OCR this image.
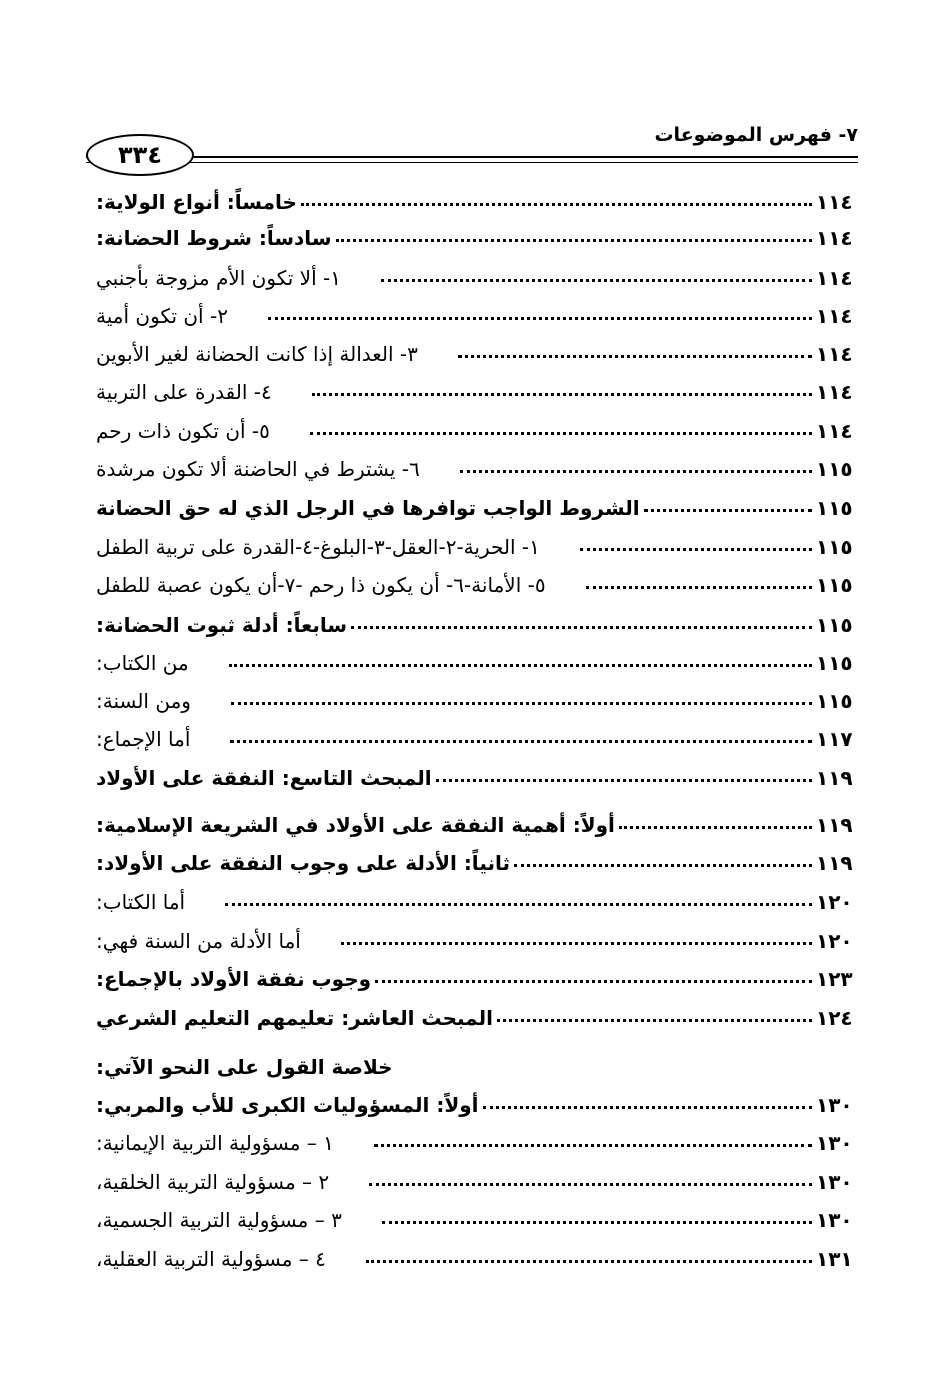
٣٣٤
٧- فهرس الموضوعات
خامساً: أنواع الولاية:	١١٤
سادساً: شروط الحضانة:	١١٤
١- ألا تكون الأم مزوجة بأجنبي	١١٤
٢- أن تكون أمية	١١٤
٣- العدالة إذا كانت الحضانة لغير الأبوين	١١٤
٤- القدرة على التربية	١١٤
٥- أن تكون ذات رحم	١١٤
٦- يشترط في الحاضنة ألا تكون مرشدة	١١٥
الشروط الواجب توافرها في الرجل الذي له حق الحضانة	١١٥
١- الحرية-٢-العقل-٣-البلوغ-٤-القدرة على تربية الطفل	١١٥
٥- الأمانة-٦- أن يكون ذا رحم -٧-أن يكون عصبة للطفل	١١٥
سابعاً: أدلة ثبوت الحضانة:	١١٥
من الكتاب:	١١٥
ومن السنة:	١١٥
أما الإجماع:	١١٧
المبحث التاسع: النفقة على الأولاد	١١٩
أولاً: أهمية النفقة على الأولاد في الشريعة الإسلامية:	١١٩
ثانياً: الأدلة على وجوب النفقة على الأولاد:	١١٩
أما الكتاب:	١٢٠
أما الأدلة من السنة فهي:	١٢٠
وجوب نفقة الأولاد بالإجماع:	١٢٣
المبحث العاشر: تعليمهم التعليم الشرعي	١٢٤
خلاصة القول على النحو الآتي:
أولاً: المسؤوليات الكبرى للأب والمربي:	١٣٠
١ – مسؤولية التربية الإيمانية:	١٣٠
٢ – مسؤولية التربية الخلقية،	١٣٠
٣ – مسؤولية التربية الجسمية،	١٣٠
٤ – مسؤولية التربية العقلية،	١٣١
